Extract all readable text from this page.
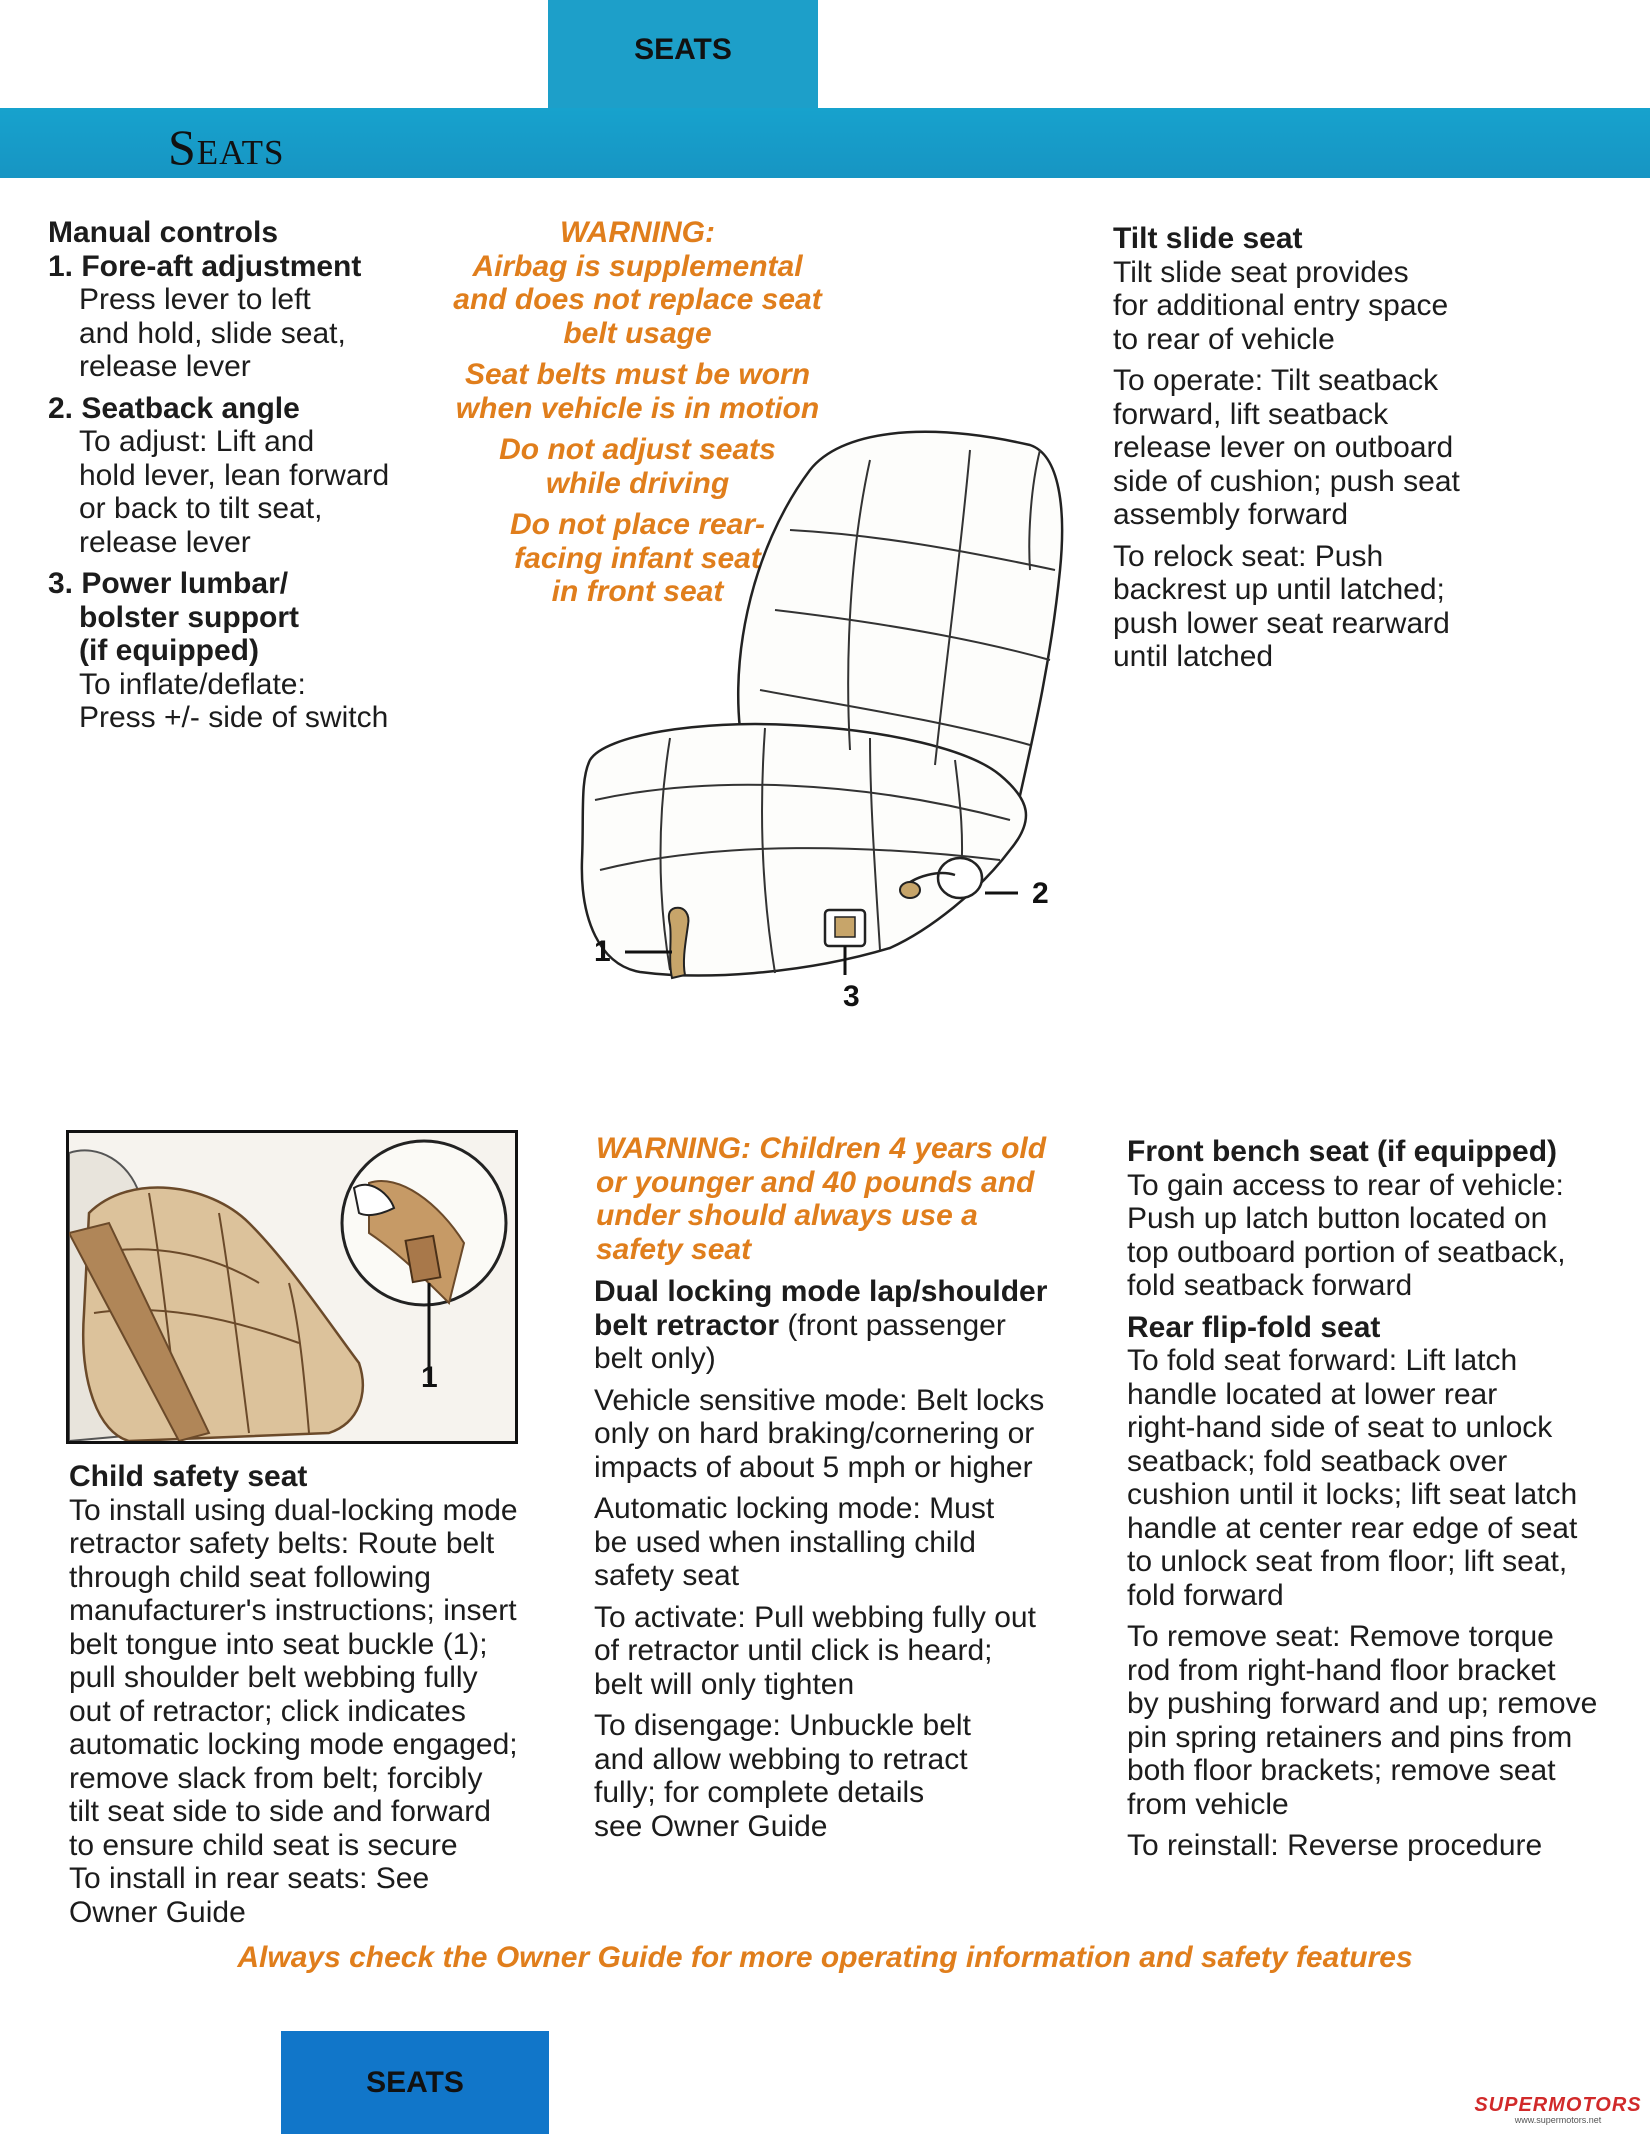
SEATS
Seats

Manual controls

1. Fore-aft adjustment

Press lever to left

and hold, slide seat,

release lever

2. Seatback angle

To adjust: Lift and

hold lever, lean forward

or back to tilt seat,

release lever

3. Power lumbar/

bolster support

(if equipped)

To inflate/deflate:

Press +/- side of switch

WARNING:

Airbag is supplemental

and does not replace seat

belt usage

Seat belts must be worn

when vehicle is in motion

Do not adjust seats

while driving

Do not place rear-

facing infant seat

in front seat

1
2
3

Tilt slide seat

Tilt slide seat provides

for additional entry space

to rear of vehicle

To operate: Tilt seatback

forward, lift seatback

release lever on outboard

side of cushion; push seat

assembly forward

To relock seat: Push

backrest up until latched;

push lower seat rearward

until latched

1

Child safety seat

To install using dual-locking mode

retractor safety belts: Route belt

through child seat following

manufacturer's instructions; insert

belt tongue into seat buckle (1);

pull shoulder belt webbing fully

out of retractor; click indicates

automatic locking mode engaged;

remove slack from belt; forcibly

tilt seat side to side and forward

to ensure child seat is secure

To install in rear seats: See

Owner Guide

WARNING: Children 4 years old

or younger and 40 pounds and

under should always use a

safety seat

Dual locking mode lap/shoulder

belt retractor (front passenger

belt only)

Vehicle sensitive mode: Belt locks

only on hard braking/cornering or

impacts of about 5 mph or higher

Automatic locking mode: Must

be used when installing child

safety seat

To activate: Pull webbing fully out

of retractor until click is heard;

belt will only tighten

To disengage: Unbuckle belt

and allow webbing to retract

fully; for complete details

see Owner Guide

Front bench seat (if equipped)

To gain access to rear of vehicle:

Push up latch button located on

top outboard portion of seatback,

fold seatback forward

Rear flip-fold seat

To fold seat forward: Lift latch

handle located at lower rear

right-hand side of seat to unlock

seatback; fold seatback over

cushion until it locks; lift seat latch

handle at center rear edge of seat

to unlock seat from floor; lift seat,

fold forward

To remove seat: Remove torque

rod from right-hand floor bracket

by pushing forward and up; remove

pin spring retainers and pins from

both floor brackets; remove seat

from vehicle

To reinstall: Reverse procedure

Always check the Owner Guide for more operating information and safety features
SEATS
SUPERMOTORS
www.supermotors.net
